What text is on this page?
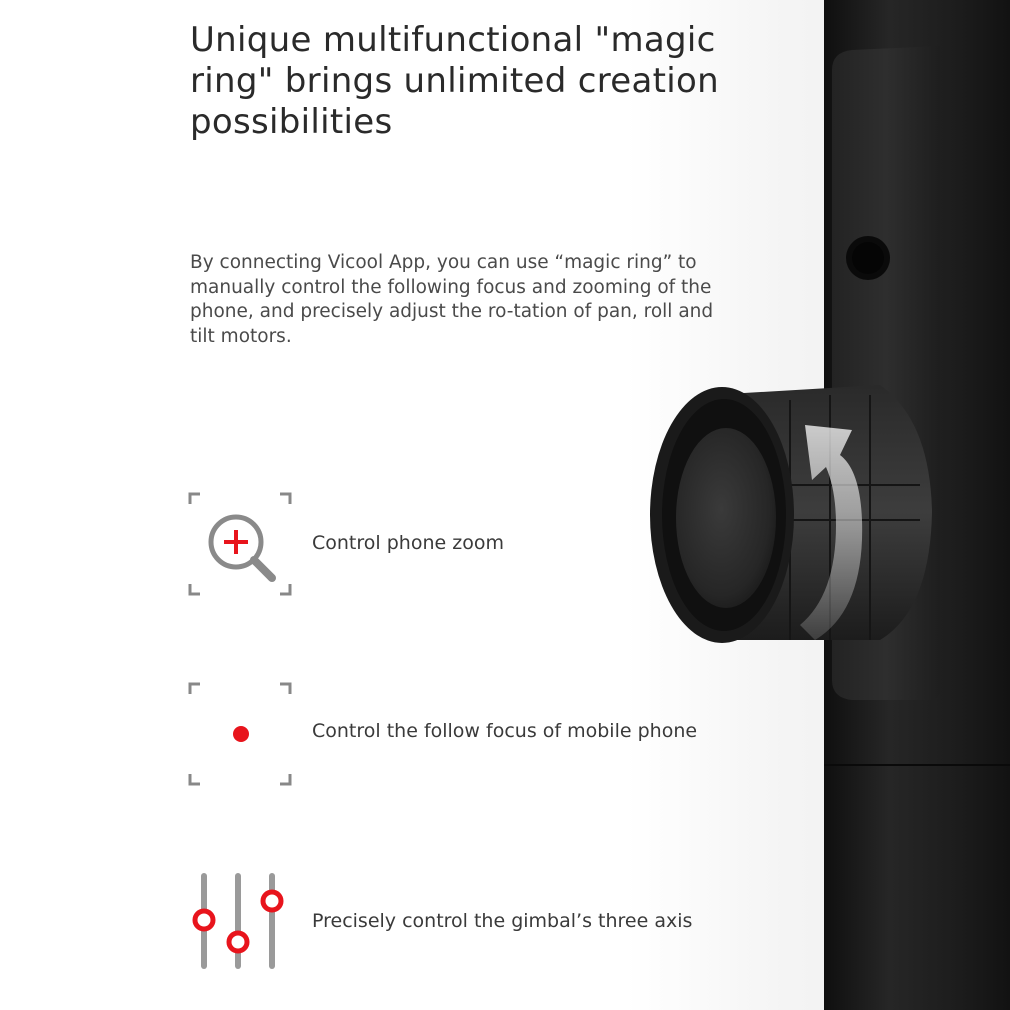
Unique multifunctional "magic ring" brings unlimited creation possibilities

By connecting Vicool App, you can use “magic ring” to manually control the following focus and zooming of the phone, and precisely adjust the ro-tation of pan, roll and tilt motors.

Control phone zoom
Control the follow focus of mobile phone
Precisely control the gimbal’s three axis
